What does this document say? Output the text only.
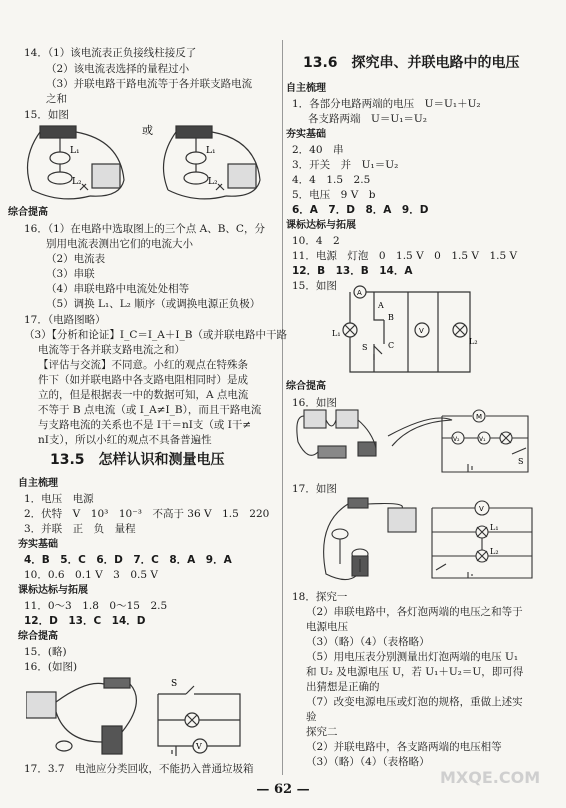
13.5　怎样认识和测量电压
综合提高
L₁
L₂
L₁
L₂
或
S
V
13.6　探究串、并联电路中的电压
A
A
B
C
S
L₁
L₂
V
M
V₂	V₁
S
V
L₁
L₂
MXQE.COM
— 62 —
14．（1）该电流表正负接线柱接反了
（2）该电流表选择的量程过小
（3）并联电路干路电流等于各并联支路电流
之和
15．如图
16．（1）在电路中选取图上的三个点 A、B、C，分
别用电流表测出它们的电流大小
（2）电流表
（3）串联
（4）串联电路中电流处处相等
（5）调换 L₁、L₂ 顺序（或调换电源正负极）
17．（电路图略）
（3）【分析和论证】I_C＝I_A＋I_B（或并联电路中干路
电流等于各并联支路电流之和）
【评估与交流】不同意。小红的观点在特殊条
件下（如并联电路中各支路电阻相同时）是成
立的，但是根据表一中的数据可知，A 点电流
不等于 B 点电流（或 I_A≠I_B），而且干路电流
与支路电流的关系也不是 I干＝nI支（或 I干≠
nI支），所以小红的观点不具备普遍性
自主梳理
1．电压　电源
2．伏特　V　10³　10⁻³　不高于 36 V　1.5　220
3．并联　正　负　量程
夯实基础
4．B　5．C　6．D　7．C　8．A　9．A
10．0.6　0.1 V　3　0.5 V
课标达标与拓展
11．0～3　1.8　0～15　2.5
12．D　13．C　14．D
综合提高
15．(略)
16．(如图)
17．3.7　电池应分类回收，不能扔入普通垃圾箱
自主梳理
1．各部分电路两端的电压　U＝U₁＋U₂
各支路两端　U＝U₁＝U₂
夯实基础
2．40　串
3．开关　并　U₁＝U₂
4．4　1.5　2.5
5．电压　9 V　b
6．A　7．D　8．A　9．D
课标达标与拓展
10．4　2
11．电源　灯泡　0　1.5 V　0　1.5 V　1.5 V
12．B　13．B　14．A
15．如图
综合提高
16．如图
17．如图
18．探究一
（2）串联电路中，各灯泡两端的电压之和等于
电源电压
（3）（略）（4）（表格略）
（5）用电压表分别测量出灯泡两端的电压 U₁
和 U₂ 及电源电压 U，若 U₁＋U₂＝U，即可得
出猜想是正确的
（7）改变电源电压或灯泡的规格，重做上述实
验
探究二
（2）并联电路中，各支路两端的电压相等
（3）（略）（4）（表格略）
